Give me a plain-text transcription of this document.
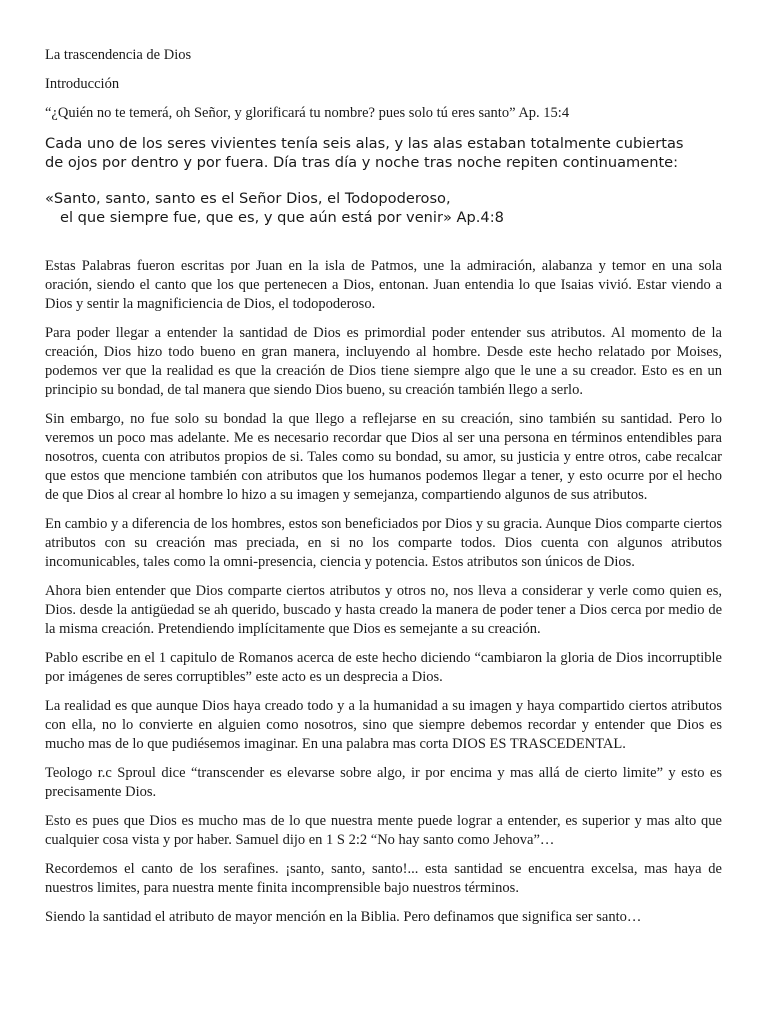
La trascendencia de Dios

Introducción

“¿Quién no te temerá, oh Señor, y glorificará tu nombre? pues solo tú eres santo” Ap. 15:4

Cada uno de los seres vivientes tenía seis alas, y las alas estaban totalmente cubiertas

de ojos por dentro y por fuera. Día tras día y noche tras noche repiten continuamente:

«Santo, santo, santo es el Señor Dios, el Todopoderoso,

el que siempre fue, que es, y que aún está por venir» Ap.4:8

Estas Palabras fueron escritas por Juan en la isla de Patmos, une la admiración, alabanza y temor en una sola oración, siendo el canto que los que pertenecen a Dios, entonan. Juan entendia lo que Isaias vivió. Estar viendo a Dios y sentir la magnificiencia de Dios, el todopoderoso.

Para poder llegar a entender la santidad de Dios es primordial poder entender sus atributos. Al momento de la creación, Dios hizo todo bueno en gran manera, incluyendo al hombre. Desde este hecho relatado por Moises, podemos ver que la realidad es que la creación de Dios tiene siempre algo que le une a su creador. Esto es en un principio su bondad, de tal manera que siendo Dios bueno, su creación también llego a serlo.

Sin embargo, no fue solo su bondad la que llego a reflejarse en su creación, sino también su santidad. Pero lo veremos un poco mas adelante. Me es necesario recordar que Dios al ser una persona en términos entendibles para nosotros, cuenta con atributos propios de si. Tales como su bondad, su amor, su justicia y entre otros, cabe recalcar que estos que mencione también con atributos que los humanos podemos llegar a tener, y esto ocurre por el hecho de que Dios al crear al hombre lo hizo a su imagen y semejanza, compartiendo algunos de sus atributos.

En cambio y a diferencia de los hombres, estos son beneficiados por Dios y su gracia. Aunque Dios comparte ciertos atributos con su creación mas preciada, en si no los comparte todos. Dios cuenta con algunos atributos incomunicables, tales como la omni-presencia, ciencia y potencia. Estos atributos son únicos de Dios.

Ahora bien entender que Dios comparte ciertos atributos y otros no, nos lleva a considerar y verle como quien es, Dios. desde la antigüedad se ah querido, buscado y hasta creado la manera de poder tener a Dios cerca por medio de la misma creación. Pretendiendo implícitamente que Dios es semejante a su creación.

Pablo escribe en el 1 capitulo de Romanos acerca de este hecho diciendo “cambiaron la gloria de Dios incorruptible por imágenes de seres corruptibles” este acto es un desprecia a Dios.

La realidad es que aunque Dios haya creado todo y a la humanidad a su imagen y haya compartido ciertos atributos con ella, no lo convierte en alguien como nosotros, sino que siempre debemos recordar y entender que Dios es mucho mas de lo que pudiésemos imaginar. En una palabra mas corta DIOS ES TRASCEDENTAL.

Teologo r.c Sproul dice “transcender es elevarse sobre algo, ir por encima y mas allá de cierto limite” y esto es precisamente Dios.

Esto es pues que Dios es mucho mas de lo que nuestra mente puede lograr a entender, es superior y mas alto que cualquier cosa vista y por haber. Samuel dijo en 1 S 2:2 “No hay santo como Jehova”…

Recordemos el canto de los serafines. ¡santo, santo, santo!... esta santidad se encuentra excelsa, mas haya de nuestros limites, para nuestra mente finita incomprensible bajo nuestros términos.

Siendo la santidad el atributo de mayor mención en la Biblia. Pero definamos que significa ser santo…
